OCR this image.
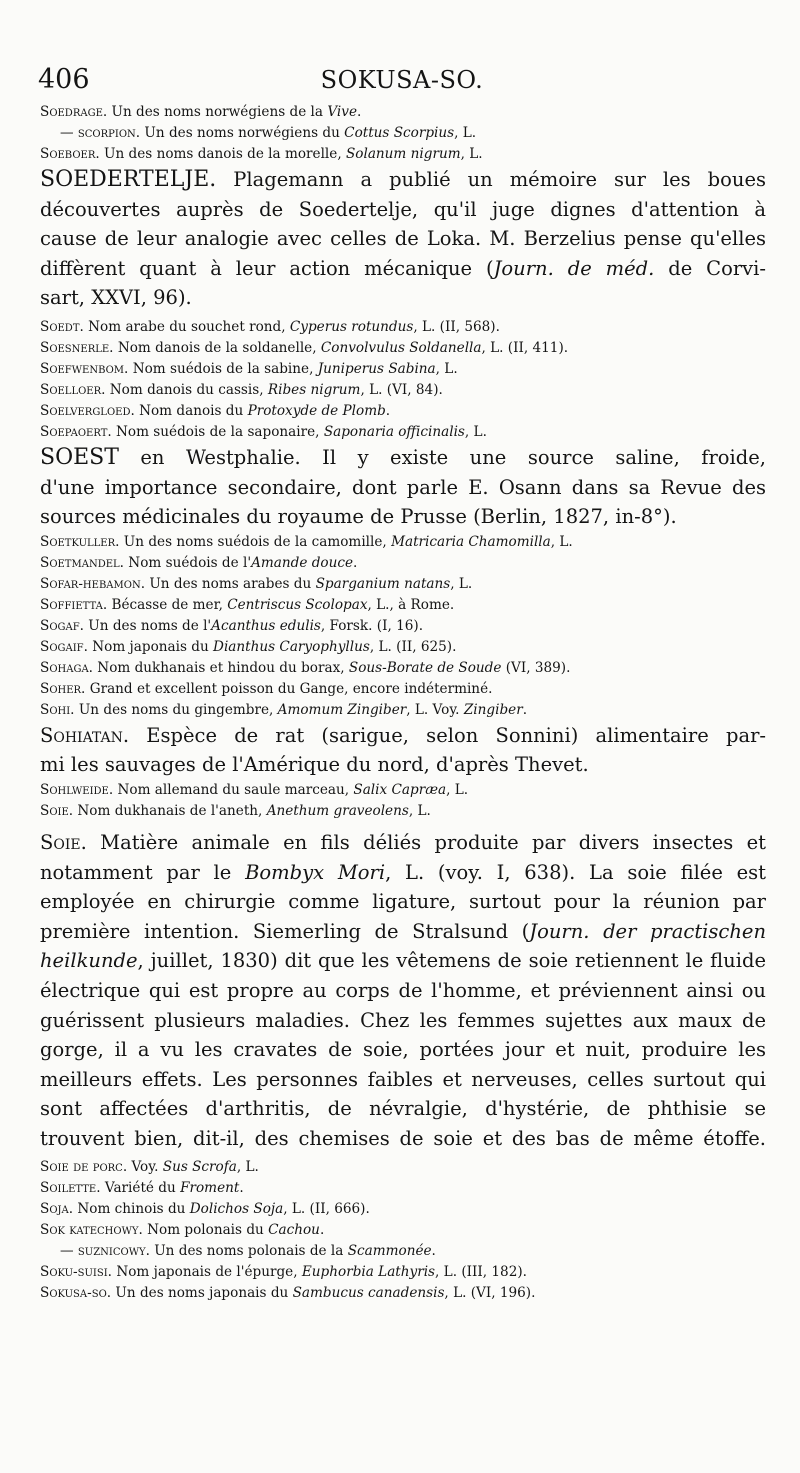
406	SOKUSA-SO.
Soedrage. Un des noms norwégiens de la Vive.
— scorpion. Un des noms norwégiens du Cottus Scorpius, L.
Soeboer. Un des noms danois de la morelle, Solanum nigrum, L.
SOEDERTELJE. Plagemann a publié un mémoire sur les boues
découvertes auprès de Soedertelje, qu'il juge dignes d'attention à
cause de leur analogie avec celles de Loka. M. Berzelius pense qu'elles
diffèrent quant à leur action mécanique (Journ. de méd. de Corvi-
sart, XXVI, 96).
Soedt. Nom arabe du souchet rond, Cyperus rotundus, L. (II, 568).
Soesnerle. Nom danois de la soldanelle, Convolvulus Soldanella, L. (II, 411).
Soefwenbom. Nom suédois de la sabine, Juniperus Sabina, L.
Soelloer. Nom danois du cassis, Ribes nigrum, L. (VI, 84).
Soelvergloed. Nom danois du Protoxyde de Plomb.
Soepaoert. Nom suédois de la saponaire, Saponaria officinalis, L.
SOEST en Westphalie. Il y existe une source saline, froide,
d'une importance secondaire, dont parle E. Osann dans sa Revue des
sources médicinales du royaume de Prusse (Berlin, 1827, in-8°).
Soetkuller. Un des noms suédois de la camomille, Matricaria Chamomilla, L.
Soetmandel. Nom suédois de l'Amande douce.
Sofar-hebamon. Un des noms arabes du Sparganium natans, L.
Soffietta. Bécasse de mer, Centriscus Scolopax, L., à Rome.
Sogaf. Un des noms de l'Acanthus edulis, Forsk. (I, 16).
Sogaif. Nom japonais du Dianthus Caryophyllus, L. (II, 625).
Sohaga. Nom dukhanais et hindou du borax, Sous-Borate de Soude (VI, 389).
Soher. Grand et excellent poisson du Gange, encore indéterminé.
Sohi. Un des noms du gingembre, Amomum Zingiber, L. Voy. Zingiber.
Sohiatan. Espèce de rat (sarigue, selon Sonnini) alimentaire par-
mi les sauvages de l'Amérique du nord, d'après Thevet.
Sohlweide. Nom allemand du saule marceau, Salix Capræa, L.
Soie. Nom dukhanais de l'aneth, Anethum graveolens, L.
Soie. Matière animale en fils déliés produite par divers insectes et
notamment par le Bombyx Mori, L. (voy. I, 638). La soie filée est
employée en chirurgie comme ligature, surtout pour la réunion par
première intention. Siemerling de Stralsund (Journ. der practischen
heilkunde, juillet, 1830) dit que les vêtemens de soie retiennent le fluide
électrique qui est propre au corps de l'homme, et préviennent ainsi ou
guérissent plusieurs maladies. Chez les femmes sujettes aux maux de
gorge, il a vu les cravates de soie, portées jour et nuit, produire les
meilleurs effets. Les personnes faibles et nerveuses, celles surtout qui
sont affectées d'arthritis, de névralgie, d'hystérie, de phthisie se
trouvent bien, dit-il, des chemises de soie et des bas de même étoffe.
Soie de porc. Voy. Sus Scrofa, L.
Soilette. Variété du Froment.
Soja. Nom chinois du Dolichos Soja, L. (II, 666).
Sok katechowy. Nom polonais du Cachou.
— suznicowy. Un des noms polonais de la Scammonée.
Soku-suisi. Nom japonais de l'épurge, Euphorbia Lathyris, L. (III, 182).
Sokusa-so. Un des noms japonais du Sambucus canadensis, L. (VI, 196).
